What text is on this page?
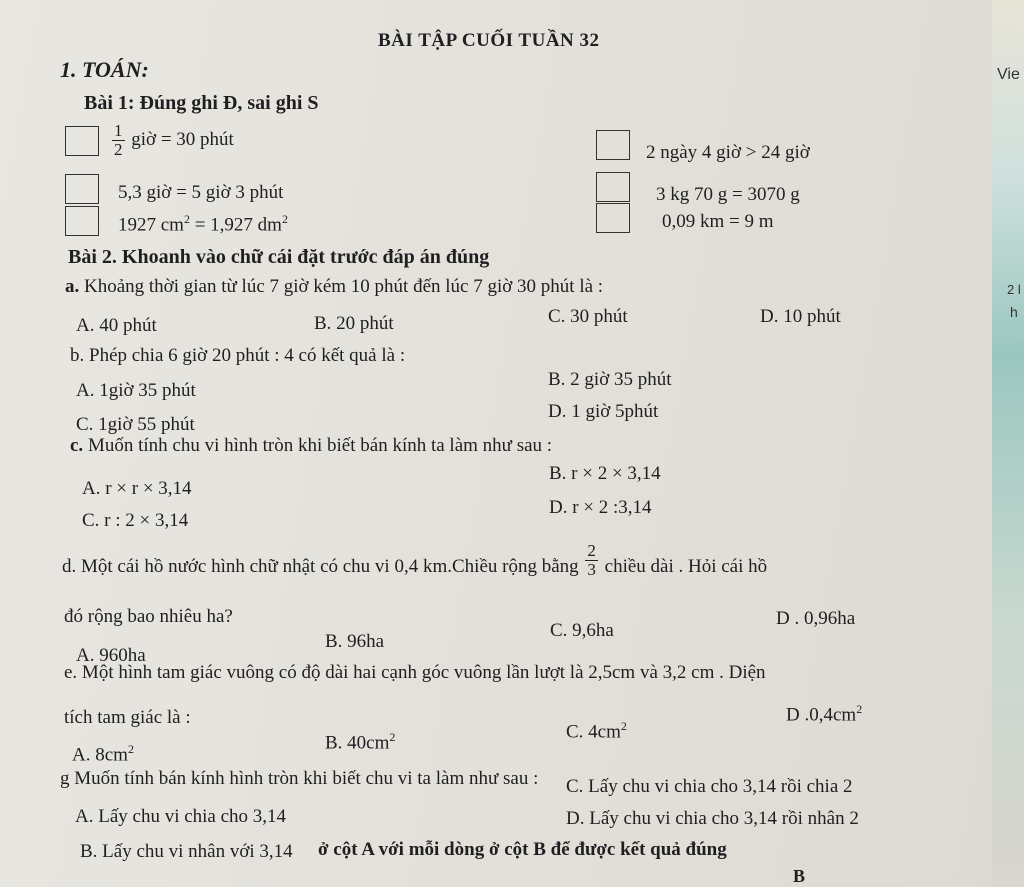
Vie
2 l
h
BÀI TẬP CUỐI TUẦN 32
1. TOÁN:
Bài 1: Đúng ghi Đ, sai ghi S
$\frac{1}{2}$ giờ = 30 phút
5,3 giờ = 5 giờ 3 phút
1927 $cm^2 = 1,927$ $dm^2$
2 ngày 4 giờ > 24 giờ
3 kg 70 g = 3070 g
0,09 km = 9 m
Bài 2. Khoanh vào chữ cái đặt trước đáp án đúng
a. Khoảng thời gian từ lúc 7 giờ kém 10 phút đến lúc 7 giờ 30 phút là :
A. 40 phút	B. 20 phút	C. 30 phút	D. 10 phút
b. Phép chia 6 giờ 20 phút : 4 có kết quả là :
A. 1giờ 35 phút
B. 2 giờ 35 phút
C. 1giờ 55 phút
D. 1 giờ 5phút
c. Muốn tính chu vi hình tròn khi biết bán kính ta làm như sau :
A. r × r × 3,14
B. r × 2 × 3,14
C. r : 2 × 3,14
D. r × 2 :3,14
d. Một cái hồ nước hình chữ nhật có chu vi 0,4 km.Chiều rộng bằng $\frac{2}{3}$ chiều dài . Hỏi cái hồ
đó rộng bao nhiêu ha?
A. 960ha
B. 96ha
C. 9,6ha
D . 0,96ha
e. Một hình tam giác vuông có độ dài hai cạnh góc vuông lần lượt là 2,5cm và 3,2 cm . Diện
tích tam giác là :
A. $8cm^2$	B. $40cm^2$	C. $4cm^2$
D $.0,4cm^2$
g Muốn tính bán kính hình tròn khi biết chu vi ta làm như sau :
A. Lấy chu vi chia cho 3,14
B. Lấy chu vi nhân với 3,14
C. Lấy chu vi chia cho 3,14 rồi chia 2
D. Lấy chu vi chia cho 3,14 rồi nhân 2
ở cột A với mỗi dòng ở cột B để được kết quả đúng
B
